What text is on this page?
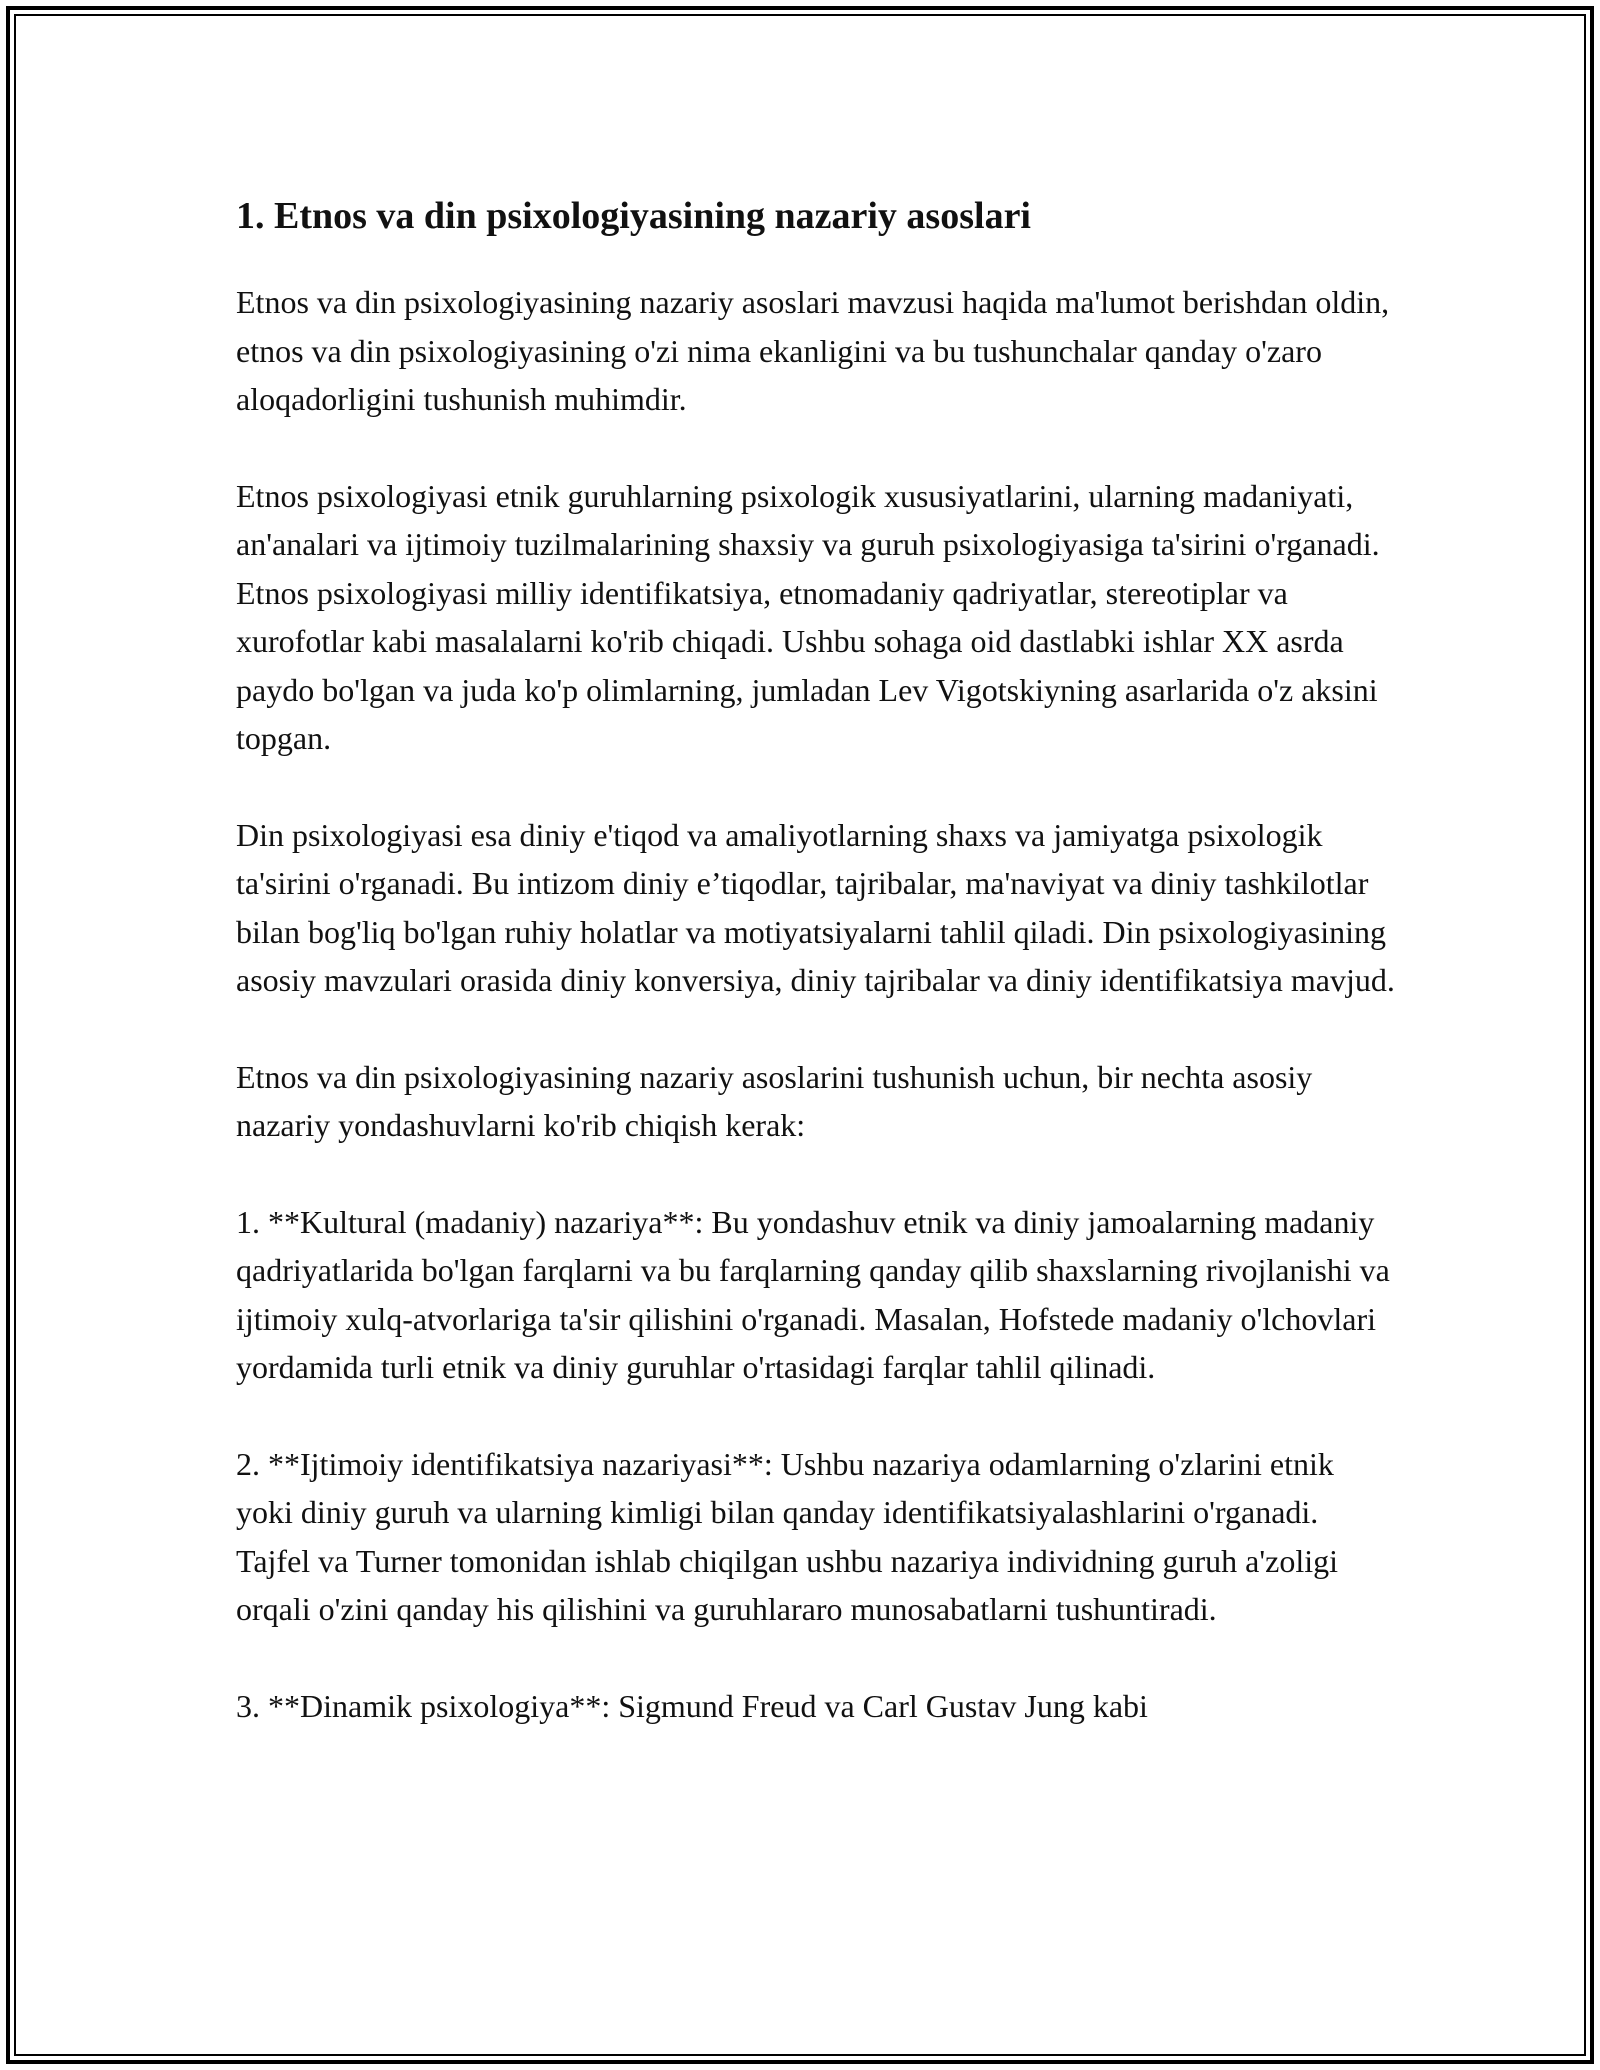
1. Etnos va din psixologiyasining nazariy asoslari

Etnos va din psixologiyasining nazariy asoslari mavzusi haqida ma'lumot berishdan oldin, etnos va din psixologiyasining o'zi nima ekanligini va bu tushunchalar qanday o'zaro aloqadorligini tushunish muhimdir.

Etnos psixologiyasi etnik guruhlarning psixologik xususiyatlarini, ularning madaniyati, an'analari va ijtimoiy tuzilmalarining shaxsiy va guruh psixologiyasiga ta'sirini o'rganadi. Etnos psixologiyasi milliy identifikatsiya, etnomadaniy qadriyatlar, stereotiplar va xurofotlar kabi masalalarni ko'rib chiqadi. Ushbu sohaga oid dastlabki ishlar XX asrda paydo bo'lgan va juda ko'p olimlarning, jumladan Lev Vigotskiyning asarlarida o'z aksini topgan.

Din psixologiyasi esa diniy e'tiqod va amaliyotlarning shaxs va jamiyatga psixologik ta'sirini o'rganadi. Bu intizom diniy e’tiqodlar, tajribalar, ma'naviyat va diniy tashkilotlar bilan bog'liq bo'lgan ruhiy holatlar va motiyatsiyalarni tahlil qiladi. Din psixologiyasining asosiy mavzulari orasida diniy konversiya, diniy tajribalar va diniy identifikatsiya mavjud.

Etnos va din psixologiyasining nazariy asoslarini tushunish uchun, bir nechta asosiy nazariy yondashuvlarni ko'rib chiqish kerak:

1. **Kultural (madaniy) nazariya**: Bu yondashuv etnik va diniy jamoalarning madaniy qadriyatlarida bo'lgan farqlarni va bu farqlarning qanday qilib shaxslarning rivojlanishi va ijtimoiy xulq-atvorlariga ta'sir qilishini o'rganadi. Masalan, Hofstede madaniy o'lchovlari yordamida turli etnik va diniy guruhlar o'rtasidagi farqlar tahlil qilinadi.

2. **Ijtimoiy identifikatsiya nazariyasi**: Ushbu nazariya odamlarning o'zlarini etnik yoki diniy guruh va ularning kimligi bilan qanday identifikatsiyalashlarini o'rganadi. Tajfel va Turner tomonidan ishlab chiqilgan ushbu nazariya individning guruh a'zoligi orqali o'zini qanday his qilishini va guruhlararo munosabatlarni tushuntiradi.

3. **Dinamik psixologiya**: Sigmund Freud va Carl Gustav Jung kabi
